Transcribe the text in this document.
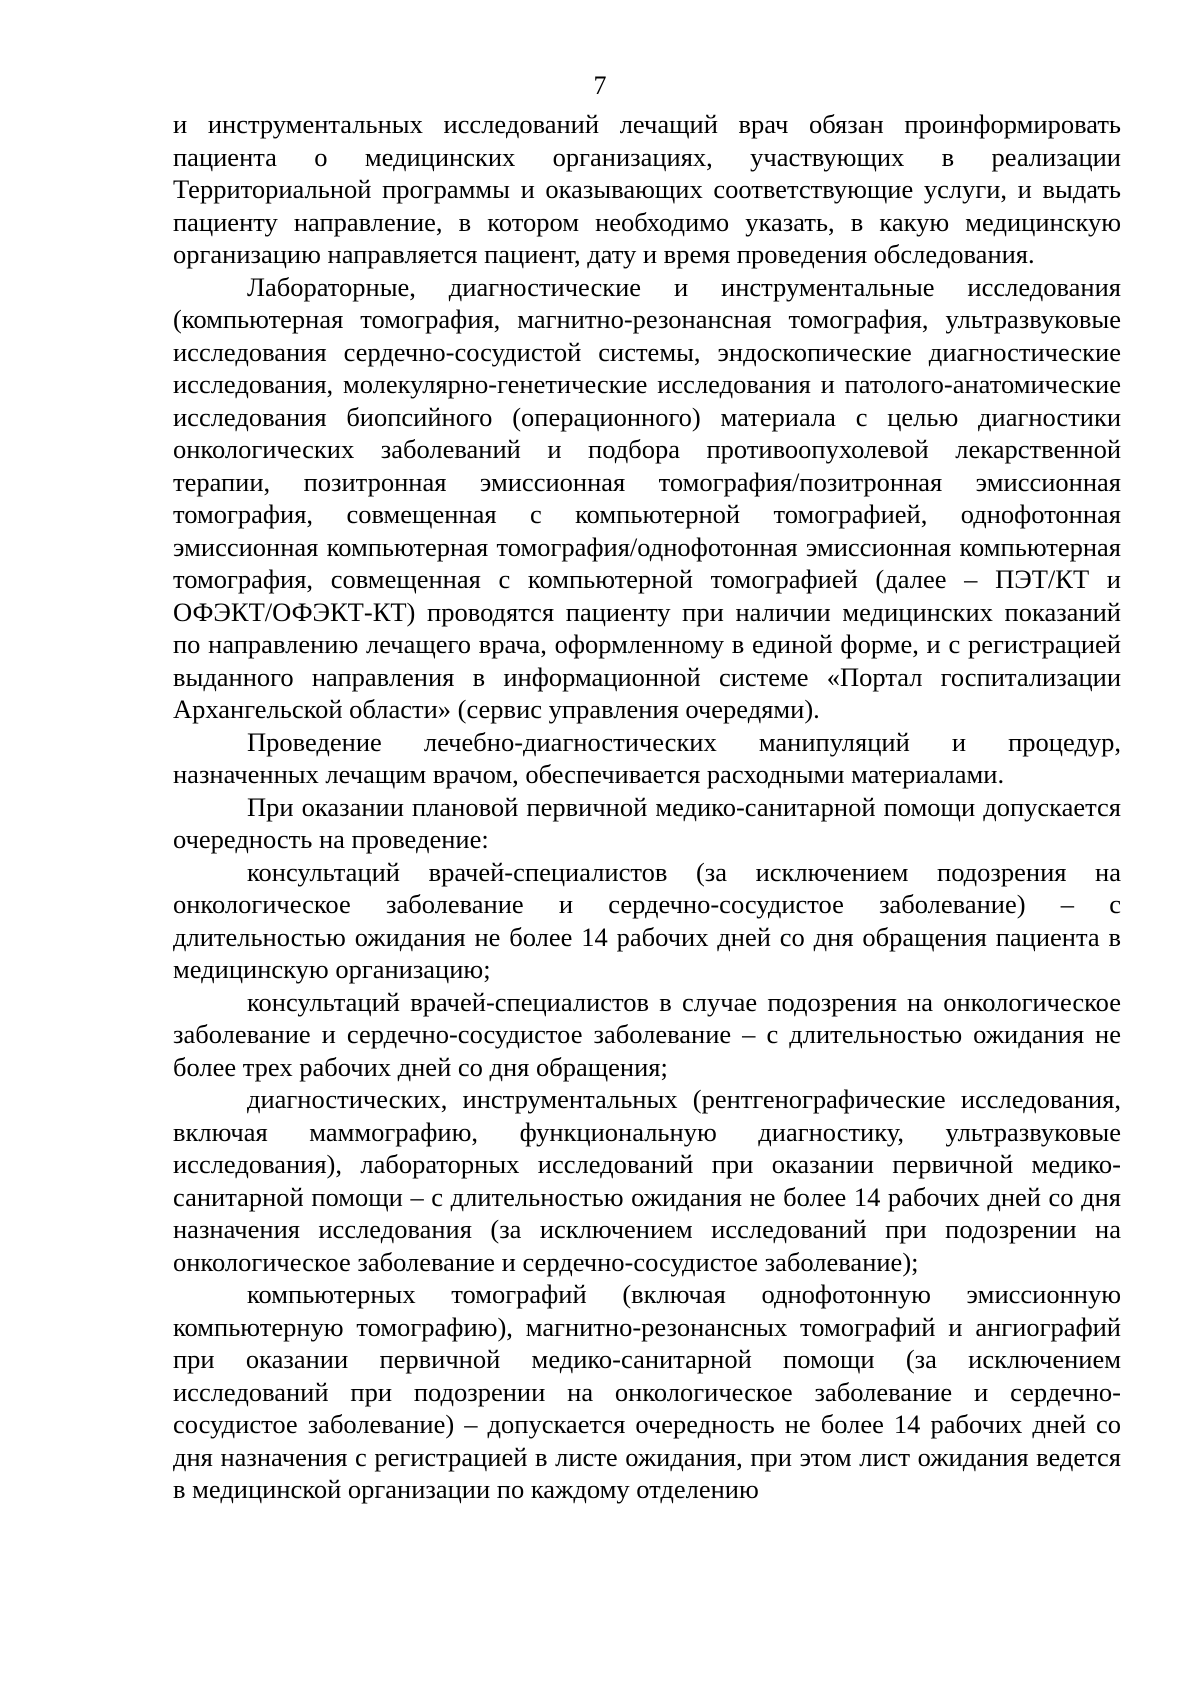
7

и инструментальных исследований лечащий врач обязан проинформировать пациента о медицинских организациях, участвующих в реализации Территориальной программы и оказывающих соответствующие услуги, и выдать пациенту направление, в котором необходимо указать, в какую медицинскую организацию направляется пациент, дату и время проведения обследования.

Лабораторные, диагностические и инструментальные исследования (компьютерная томография, магнитно-резонансная томография, ультразвуковые исследования сердечно-сосудистой системы, эндоскопические диагностические исследования, молекулярно-генетические исследования и патолого-анатомические исследования биопсийного (операционного) материала с целью диагностики онкологических заболеваний и подбора противоопухолевой лекарственной терапии, позитронная эмиссионная томография/позитронная эмиссионная томография, совмещенная с компьютерной томографией, однофотонная эмиссионная компьютерная томография/однофотонная эмиссионная компьютерная томография, совмещенная с компьютерной томографией (далее – ПЭТ/КТ и ОФЭКТ/ОФЭКТ-КТ) проводятся пациенту при наличии медицинских показаний по направлению лечащего врача, оформленному в единой форме, и с регистрацией выданного направления в информационной системе «Портал госпитализации Архангельской области» (сервис управления очередями).

Проведение лечебно-диагностических манипуляций и процедур, назначенных лечащим врачом, обеспечивается расходными материалами.

При оказании плановой первичной медико-санитарной помощи допускается очередность на проведение:

консультаций врачей-специалистов (за исключением подозрения на онкологическое заболевание и сердечно-сосудистое заболевание) – с длительностью ожидания не более 14 рабочих дней со дня обращения пациента в медицинскую организацию;

консультаций врачей-специалистов в случае подозрения на онкологическое заболевание и сердечно-сосудистое заболевание – с длительностью ожидания не более трех рабочих дней со дня обращения;

диагностических, инструментальных (рентгенографические исследования, включая маммографию, функциональную диагностику, ультразвуковые исследования), лабораторных исследований при оказании первичной медико-санитарной помощи – с длительностью ожидания не более 14 рабочих дней со дня назначения исследования (за исключением исследований при подозрении на онкологическое заболевание и сердечно-сосудистое заболевание);

компьютерных томографий (включая однофотонную эмиссионную компьютерную томографию), магнитно-резонансных томографий и ангиографий при оказании первичной медико-санитарной помощи (за исключением исследований при подозрении на онкологическое заболевание и сердечно-сосудистое заболевание) – допускается очередность не более 14 рабочих дней со дня назначения с регистрацией в листе ожидания, при этом лист ожидания ведется в медицинской организации по каждому отделению
